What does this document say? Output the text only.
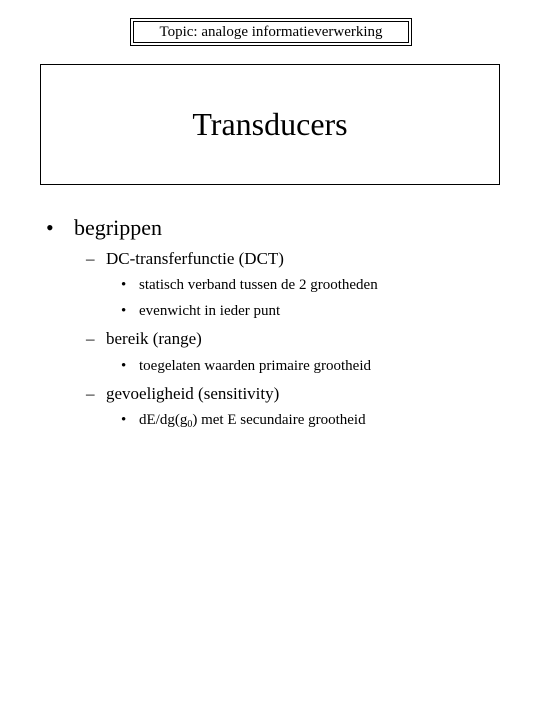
Topic: analoge informatieverwerking
Transducers
• begrippen
– DC-transferfunctie (DCT)
• statisch verband tussen de 2 grootheden
• evenwicht in ieder punt
– bereik (range)
• toegelaten waarden primaire grootheid
– gevoeligheid (sensitivity)
• $dE/dg(g_0)$ met E secundaire grootheid
